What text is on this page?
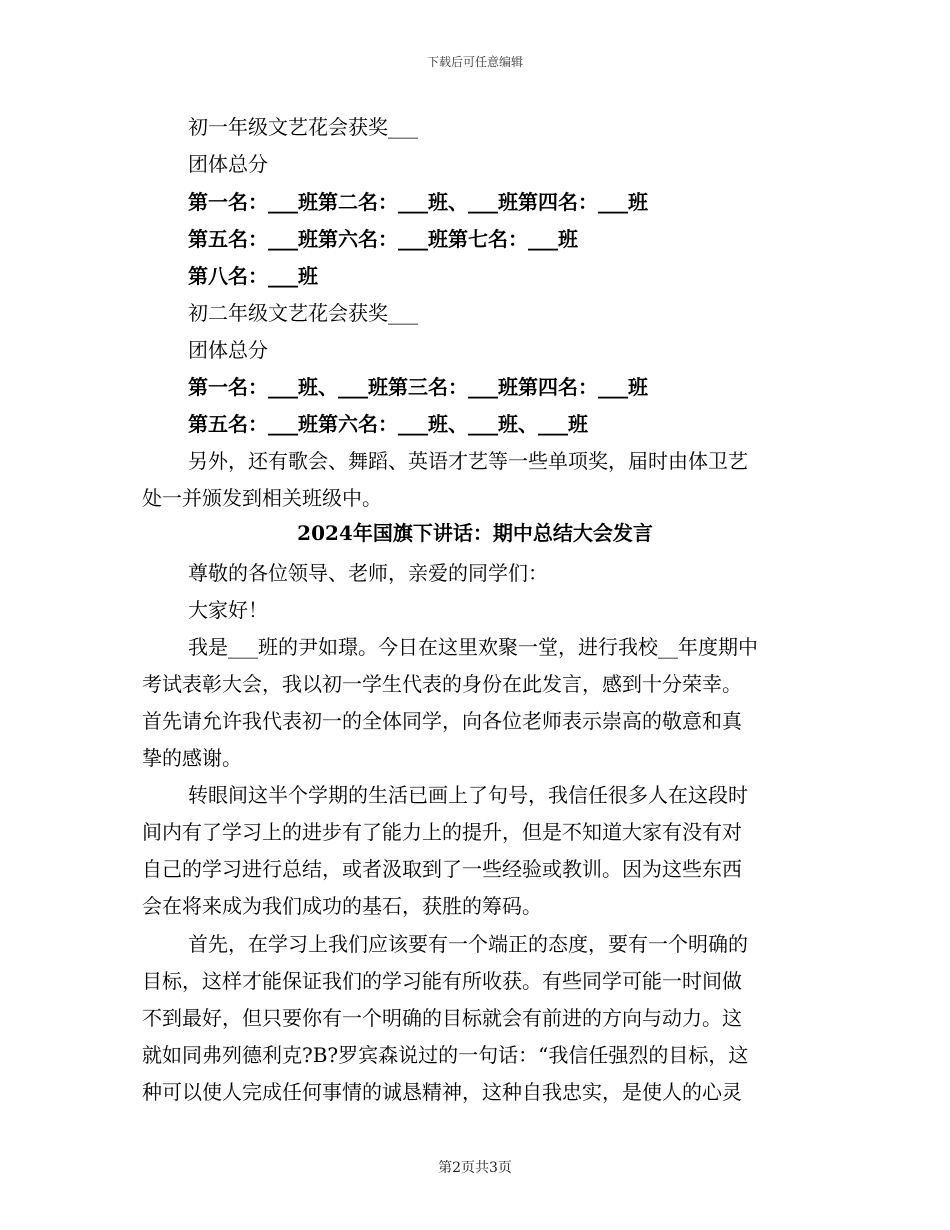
下载后可任意编辑
初一年级文艺花会获奖___
团体总分
第一名：___班第二名：___班、___班第四名：___班
第五名：___班第六名：___班第七名：___班
第八名：___班
初二年级文艺花会获奖___
团体总分
第一名：___班、___班第三名：___班第四名：___班
第五名：___班第六名：___班、___班、___班
另外，还有歌会、舞蹈、英语才艺等一些单项奖，届时由体卫艺
处一并颁发到相关班级中。
2024年国旗下讲话：期中总结大会发言
尊敬的各位领导、老师，亲爱的同学们：
大家好！
我是___班的尹如璟。今日在这里欢聚一堂，进行我校__年度期中
考试表彰大会，我以初一学生代表的身份在此发言，感到十分荣幸。
首先请允许我代表初一的全体同学，向各位老师表示崇高的敬意和真
挚的感谢。
转眼间这半个学期的生活已画上了句号，我信任很多人在这段时
间内有了学习上的进步有了能力上的提升，但是不知道大家有没有对
自己的学习进行总结，或者汲取到了一些经验或教训。因为这些东西
会在将来成为我们成功的基石，获胜的筹码。
首先，在学习上我们应该要有一个端正的态度，要有一个明确的
目标，这样才能保证我们的学习能有所收获。有些同学可能一时间做
不到最好，但只要你有一个明确的目标就会有前进的方向与动力。这
就如同弗列德利克?B?罗宾森说过的一句话：“我信任强烈的目标，这
种可以使人完成任何事情的诚恳精神，这种自我忠实，是使人的心灵
第2页共3页
